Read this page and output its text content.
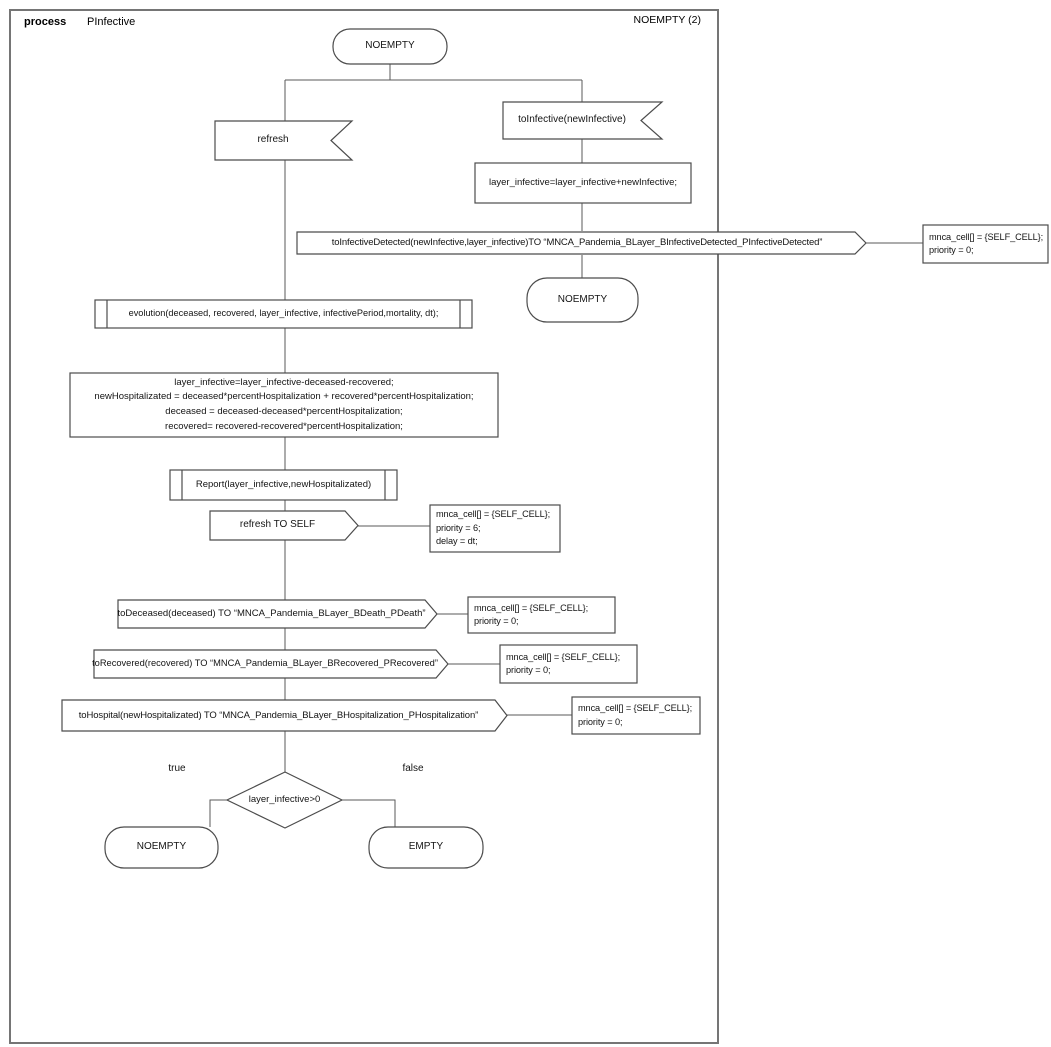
process PInfective	NOEMPTY (2)
NOEMPTY
refresh
toInfective(newInfective)
layer_infective=layer_infective+newInfective;
toInfectiveDetected(newInfective,layer_infective)TO “MNCA_Pandemia_BLayer_BInfectiveDetected_PInfectiveDetected”
mnca_cell[] = {SELF_CELL};
priority = 0;
NOEMPTY
evolution(deceased, recovered, layer_infective, infectivePeriod,mortality, dt);
layer_infective=layer_infective-deceased-recovered;
newHospitalizated = deceased*percentHospitalization + recovered*percentHospitalization;
deceased = deceased-deceased*percentHospitalization;
recovered= recovered-recovered*percentHospitalization;
Report(layer_infective,newHospitalizated)
refresh TO SELF
mnca_cell[] = {SELF_CELL};
priority = 6;
delay = dt;
toDeceased(deceased) TO “MNCA_Pandemia_BLayer_BDeath_PDeath”
mnca_cell[] = {SELF_CELL};
priority = 0;
toRecovered(recovered) TO “MNCA_Pandemia_BLayer_BRecovered_PRecovered”
mnca_cell[] = {SELF_CELL};
priority = 0;
toHospital(newHospitalizated) TO “MNCA_Pandemia_BLayer_BHospitalization_PHospitalization”
mnca_cell[] = {SELF_CELL};
priority = 0;
layer_infective>0
true	false
NOEMPTY	EMPTY
